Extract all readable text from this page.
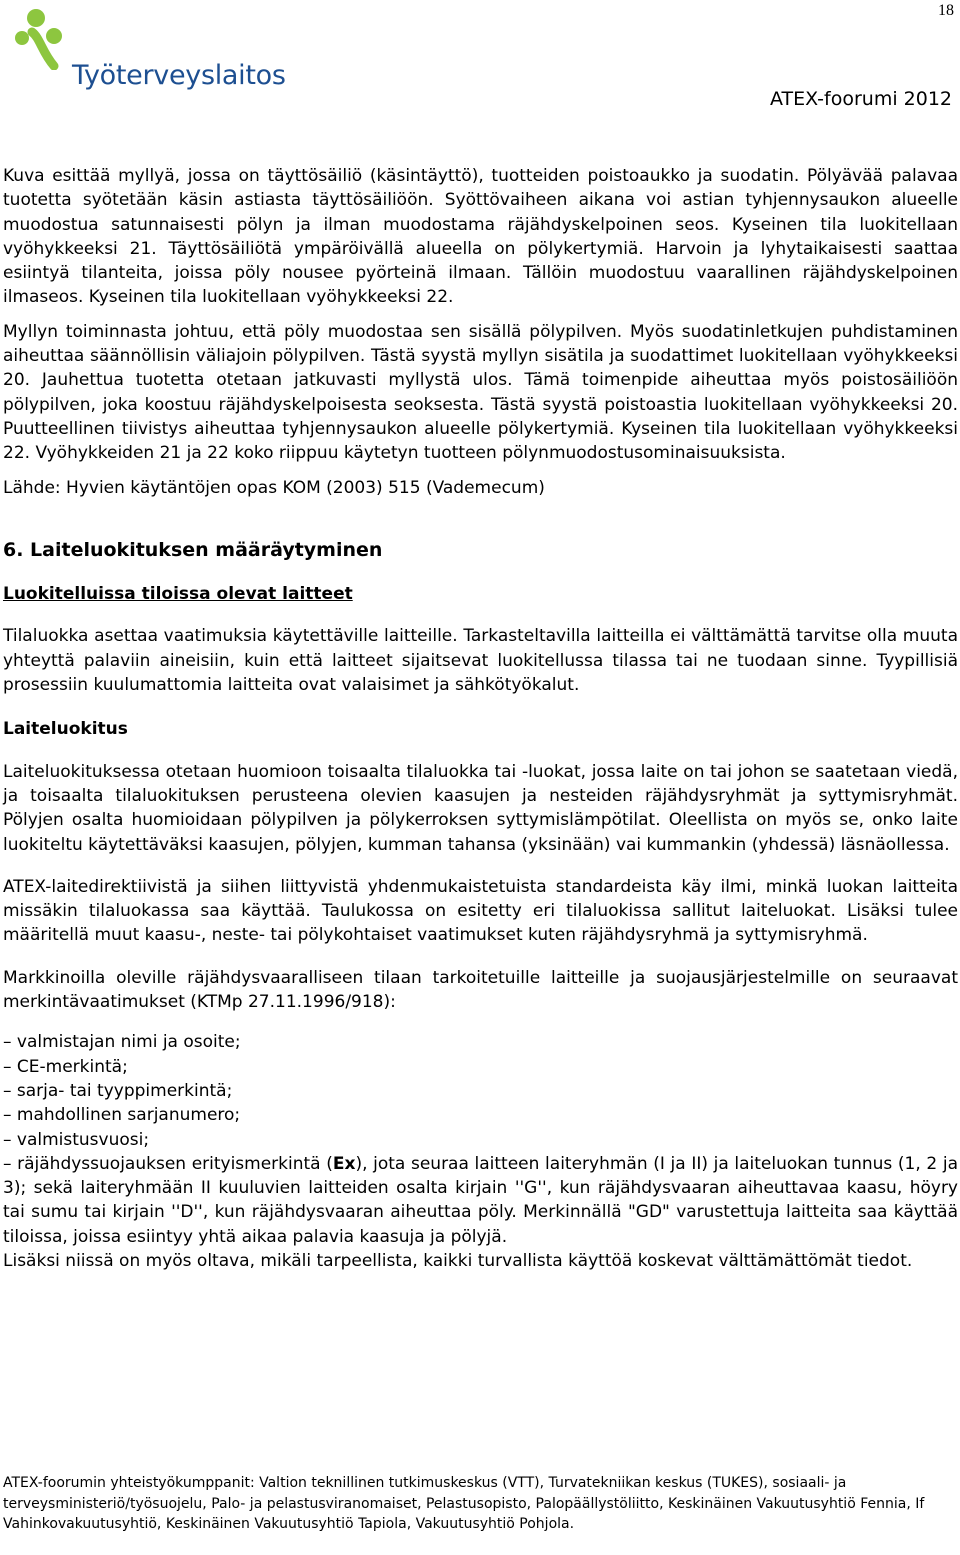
18
Työterveyslaitos
ATEX-foorumi 2012

Kuva esittää myllyä, jossa on täyttösäiliö (käsintäyttö), tuotteiden poistoaukko ja suodatin. Pölyävää palavaa tuotetta syötetään käsin astiasta täyttösäiliöön. Syöttövaiheen aikana voi astian tyhjennysaukon alueelle muodostua satunnaisesti pölyn ja ilman muodostama räjähdyskelpoinen seos. Kyseinen tila luokitellaan vyöhykkeeksi 21. Täyttösäiliötä ympäröivällä alueella on pölykertymiä. Harvoin ja lyhytaikaisesti saattaa esiintyä tilanteita, joissa pöly nousee pyörteinä ilmaan. Tällöin muodostuu vaarallinen räjähdyskelpoinen ilmaseos. Kyseinen tila luokitellaan vyöhykkeeksi 22.

Myllyn toiminnasta johtuu, että pöly muodostaa sen sisällä pölypilven. Myös suodatinletkujen puhdistaminen aiheuttaa säännöllisin väliajoin pölypilven. Tästä syystä myllyn sisätila ja suodattimet luokitellaan vyöhykkeeksi 20. Jauhettua tuotetta otetaan jatkuvasti myllystä ulos. Tämä toimenpide aiheuttaa myös poistosäiliöön pölypilven, joka koostuu räjähdyskelpoisesta seoksesta. Tästä syystä poistoastia luokitellaan vyöhykkeeksi 20. Puutteellinen tiivistys aiheuttaa tyhjennysaukon alueelle pölykertymiä. Kyseinen tila luokitellaan vyöhykkeeksi 22. Vyöhykkeiden 21 ja 22 koko riippuu käytetyn tuotteen pölynmuodostusominaisuuksista.

Lähde: Hyvien käytäntöjen opas KOM (2003) 515 (Vademecum)

6. Laiteluokituksen määräytyminen

Luokitelluissa tiloissa olevat laitteet

Tilaluokka asettaa vaatimuksia käytettäville laitteille. Tarkasteltavilla laitteilla ei välttämättä tarvitse olla muuta yhteyttä palaviin aineisiin, kuin että laitteet sijaitsevat luokitellussa tilassa tai ne tuodaan sinne. Tyypillisiä prosessiin kuulumattomia laitteita ovat valaisimet ja sähkötyökalut.

Laiteluokitus

Laiteluokituksessa otetaan huomioon toisaalta tilaluokka tai -luokat, jossa laite on tai johon se saatetaan viedä, ja toisaalta tilaluokituksen perusteena olevien kaasujen ja nesteiden räjähdysryhmät ja syttymisryhmät. Pölyjen osalta huomioidaan pölypilven ja pölykerroksen syttymislämpötilat. Oleellista on myös se, onko laite luokiteltu käytettäväksi kaasujen, pölyjen, kumman tahansa (yksinään) vai kummankin (yhdessä) läsnäollessa.

ATEX-laitedirektiivistä ja siihen liittyvistä yhdenmukaistetuista standardeista käy ilmi, minkä luokan laitteita missäkin tilaluokassa saa käyttää. Taulukossa on esitetty eri tilaluokissa sallitut laiteluokat. Lisäksi tulee määritellä muut kaasu-, neste- tai pölykohtaiset vaatimukset kuten räjähdysryhmä ja syttymisryhmä.

Markkinoilla oleville räjähdysvaaralliseen tilaan tarkoitetuille laitteille ja suojausjärjestelmille on seuraavat merkintävaatimukset (KTMp 27.11.1996/918):

– valmistajan nimi ja osoite;
– CE-merkintä;
– sarja- tai tyyppimerkintä;
– mahdollinen sarjanumero;
– valmistusvuosi;
– räjähdyssuojauksen erityismerkintä (Ex), jota seuraa laitteen laiteryhmän (I ja II) ja laiteluokan tunnus (1, 2 ja 3); sekä laiteryhmään II kuuluvien laitteiden osalta kirjain ''G'', kun räjähdysvaaran aiheuttavaa kaasu, höyry tai sumu tai kirjain ''D'', kun räjähdysvaaran aiheuttaa pöly. Merkinnällä "GD" varustettuja laitteita saa käyttää tiloissa, joissa esiintyy yhtä aikaa palavia kaasuja ja pölyjä.

Lisäksi niissä on myös oltava, mikäli tarpeellista, kaikki turvallista käyttöä koskevat välttämättömät tiedot.

ATEX-foorumin yhteistyökumppanit: Valtion teknillinen tutkimuskeskus (VTT), Turvatekniikan keskus (TUKES), sosiaali- ja terveysministeriö/työsuojelu, Palo- ja pelastusviranomaiset, Pelastusopisto, Palopäällystöliitto, Keskinäinen Vakuutusyhtiö Fennia, If Vahinkovakuutusyhtiö, Keskinäinen Vakuutusyhtiö Tapiola, Vakuutusyhtiö Pohjola.
